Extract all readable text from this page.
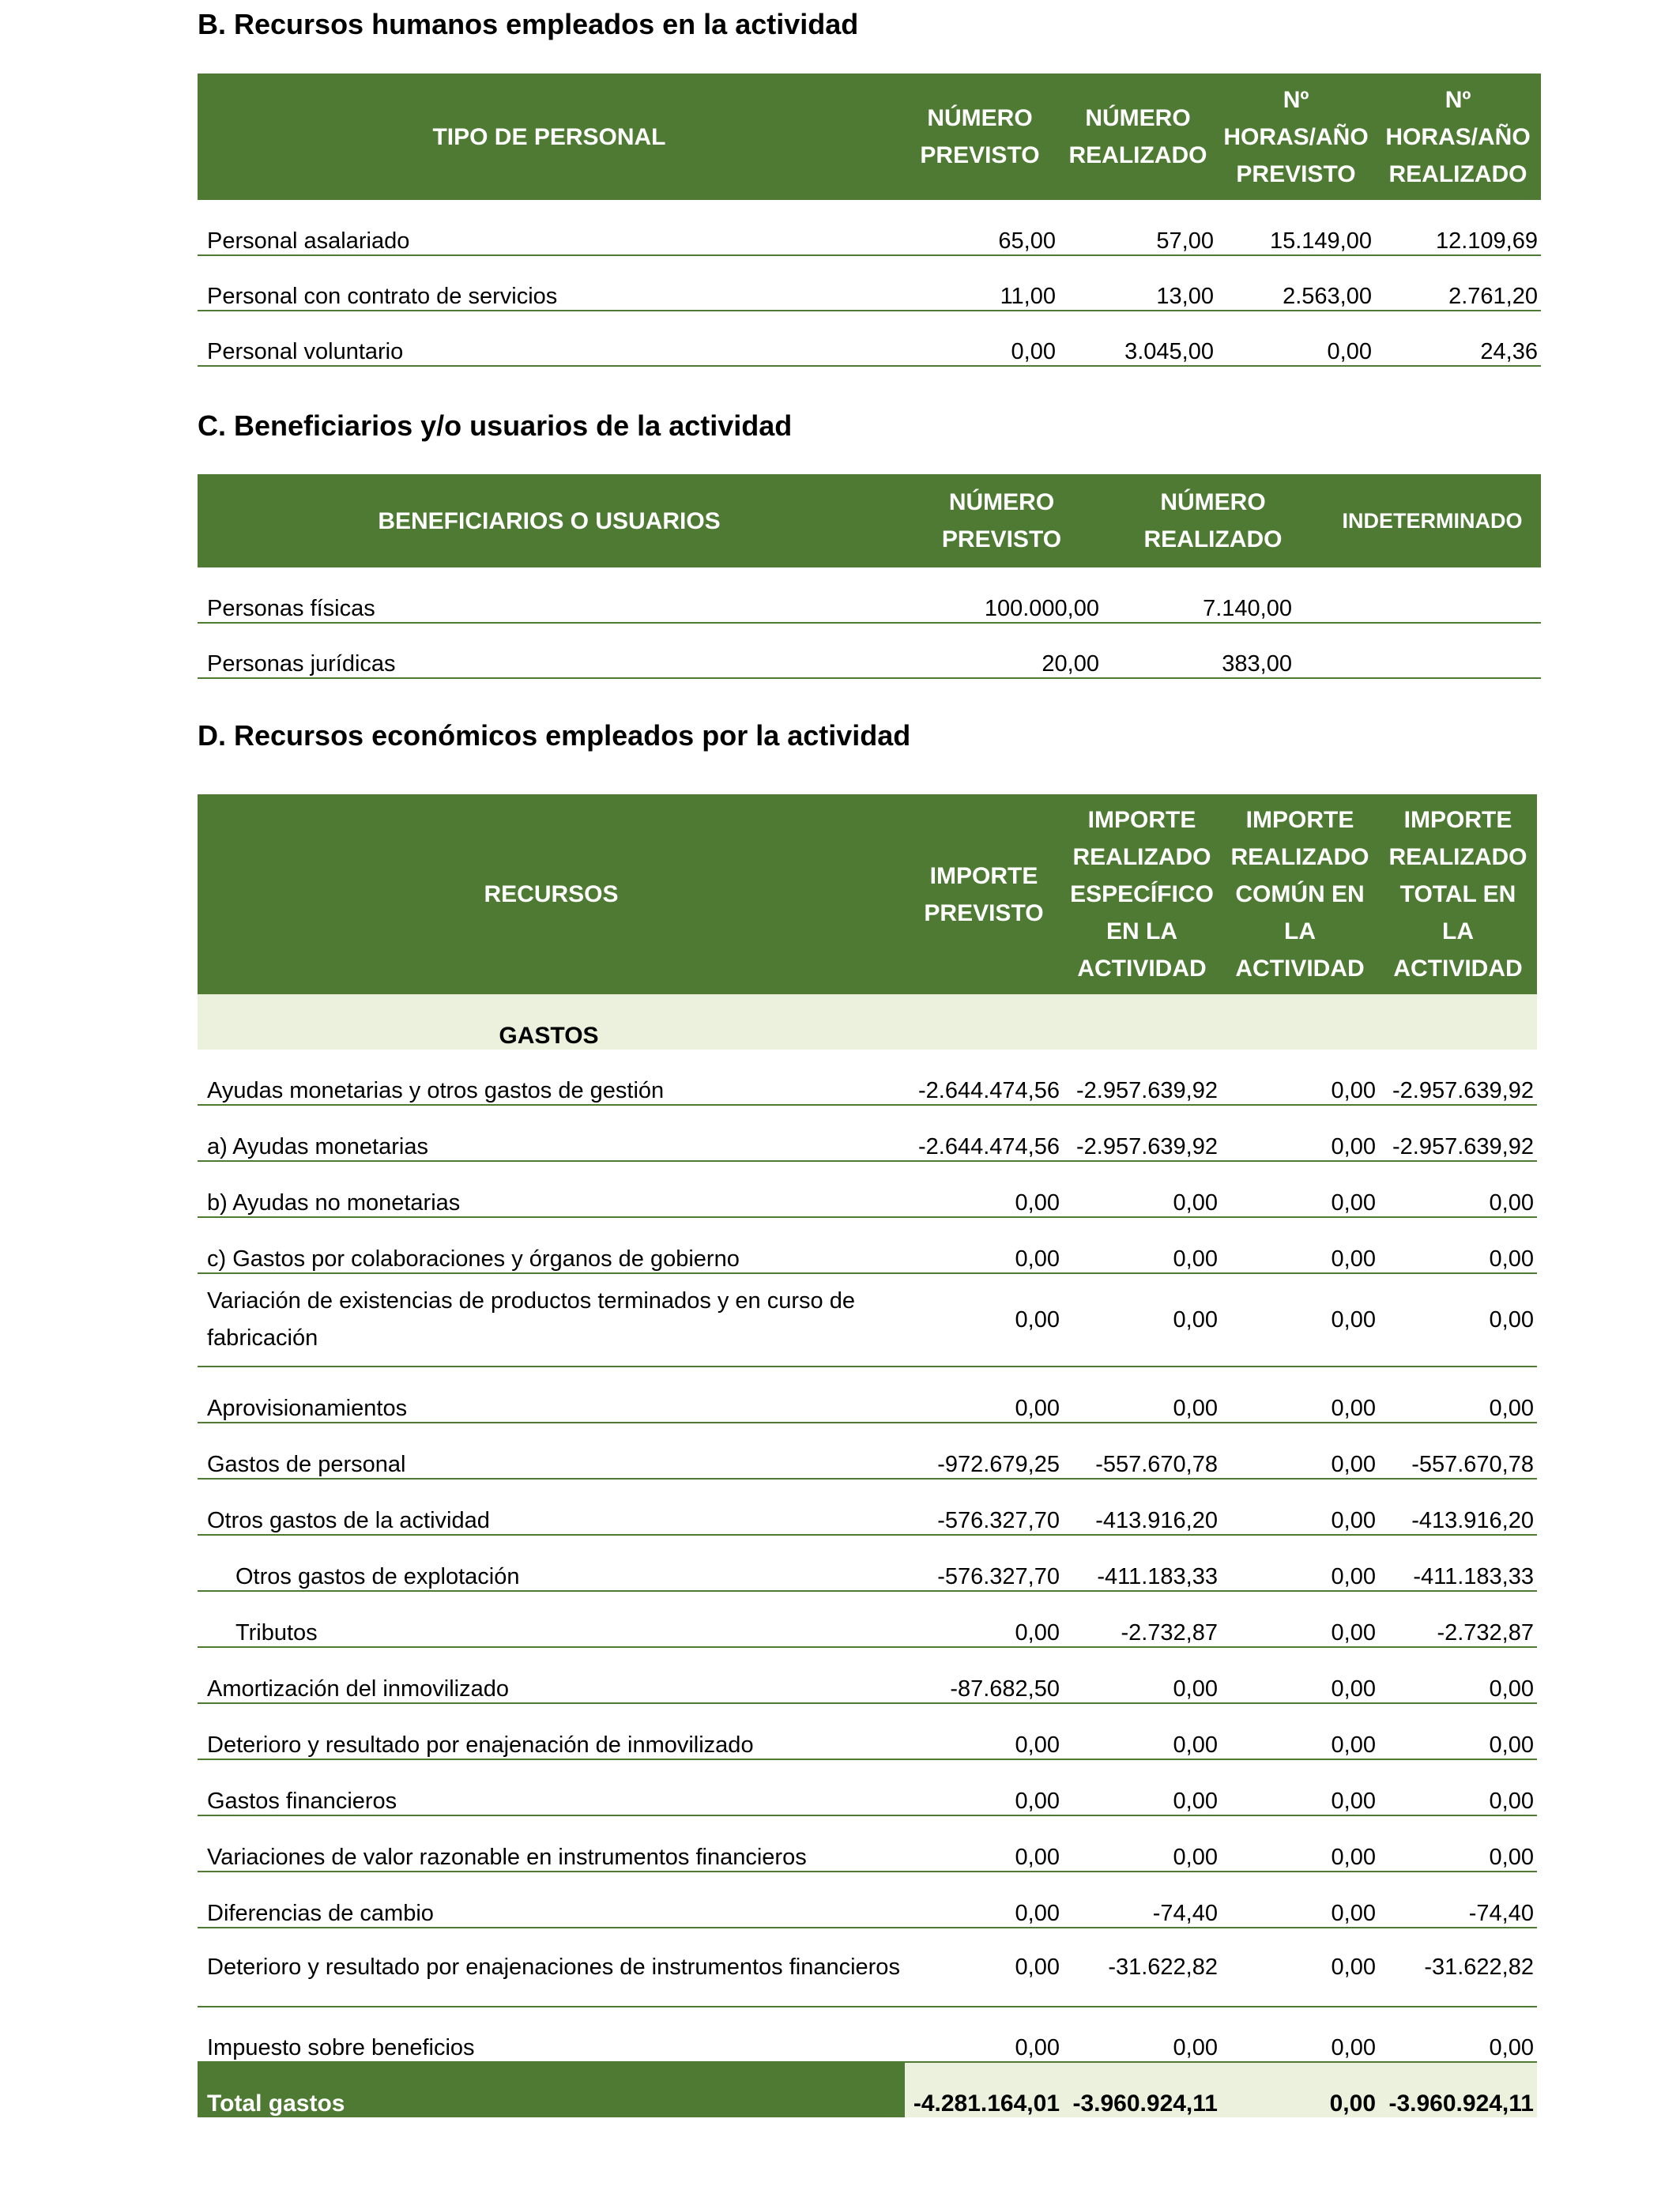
B. Recursos humanos empleados en la actividad
TIPO DE PERSONAL	NÚMERO PREVISTO	NÚMERO REALIZADO	Nº HORAS/AÑO PREVISTO	Nº HORAS/AÑO REALIZADO
Personal asalariado	65,00	57,00	15.149,00	12.109,69
Personal con contrato de servicios	11,00	13,00	2.563,00	2.761,20
Personal voluntario	0,00	3.045,00	0,00	24,36
C. Beneficiarios y/o usuarios de la actividad
BENEFICIARIOS O USUARIOS	NÚMERO PREVISTO	NÚMERO REALIZADO	INDETERMINADO
Personas físicas	100.000,00	7.140,00	
Personas jurídicas	20,00	383,00	
D. Recursos económicos empleados por la actividad
RECURSOS	IMPORTE PREVISTO	IMPORTE REALIZADO ESPECÍFICO EN LA ACTIVIDAD	IMPORTE REALIZADO COMÚN EN LA ACTIVIDAD	IMPORTE REALIZADO TOTAL EN LA ACTIVIDAD
GASTOS				
Ayudas monetarias y otros gastos de gestión	-2.644.474,56	-2.957.639,92	0,00	-2.957.639,92
a) Ayudas monetarias	-2.644.474,56	-2.957.639,92	0,00	-2.957.639,92
b) Ayudas no monetarias	0,00	0,00	0,00	0,00
c) Gastos por colaboraciones y órganos de gobierno	0,00	0,00	0,00	0,00
Variación de existencias de productos terminados y en curso de fabricación	0,00	0,00	0,00	0,00
Aprovisionamientos	0,00	0,00	0,00	0,00
Gastos de personal	-972.679,25	-557.670,78	0,00	-557.670,78
Otros gastos de la actividad	-576.327,70	-413.916,20	0,00	-413.916,20
Otros gastos de explotación	-576.327,70	-411.183,33	0,00	-411.183,33
Tributos	0,00	-2.732,87	0,00	-2.732,87
Amortización del inmovilizado	-87.682,50	0,00	0,00	0,00
Deterioro y resultado por enajenación de inmovilizado	0,00	0,00	0,00	0,00
Gastos financieros	0,00	0,00	0,00	0,00
Variaciones de valor razonable en instrumentos financieros	0,00	0,00	0,00	0,00
Diferencias de cambio	0,00	-74,40	0,00	-74,40
Deterioro y resultado por enajenaciones de instrumentos financieros	0,00	-31.622,82	0,00	-31.622,82
Impuesto sobre beneficios	0,00	0,00	0,00	0,00
Total gastos	-4.281.164,01	-3.960.924,11	0,00	-3.960.924,11
